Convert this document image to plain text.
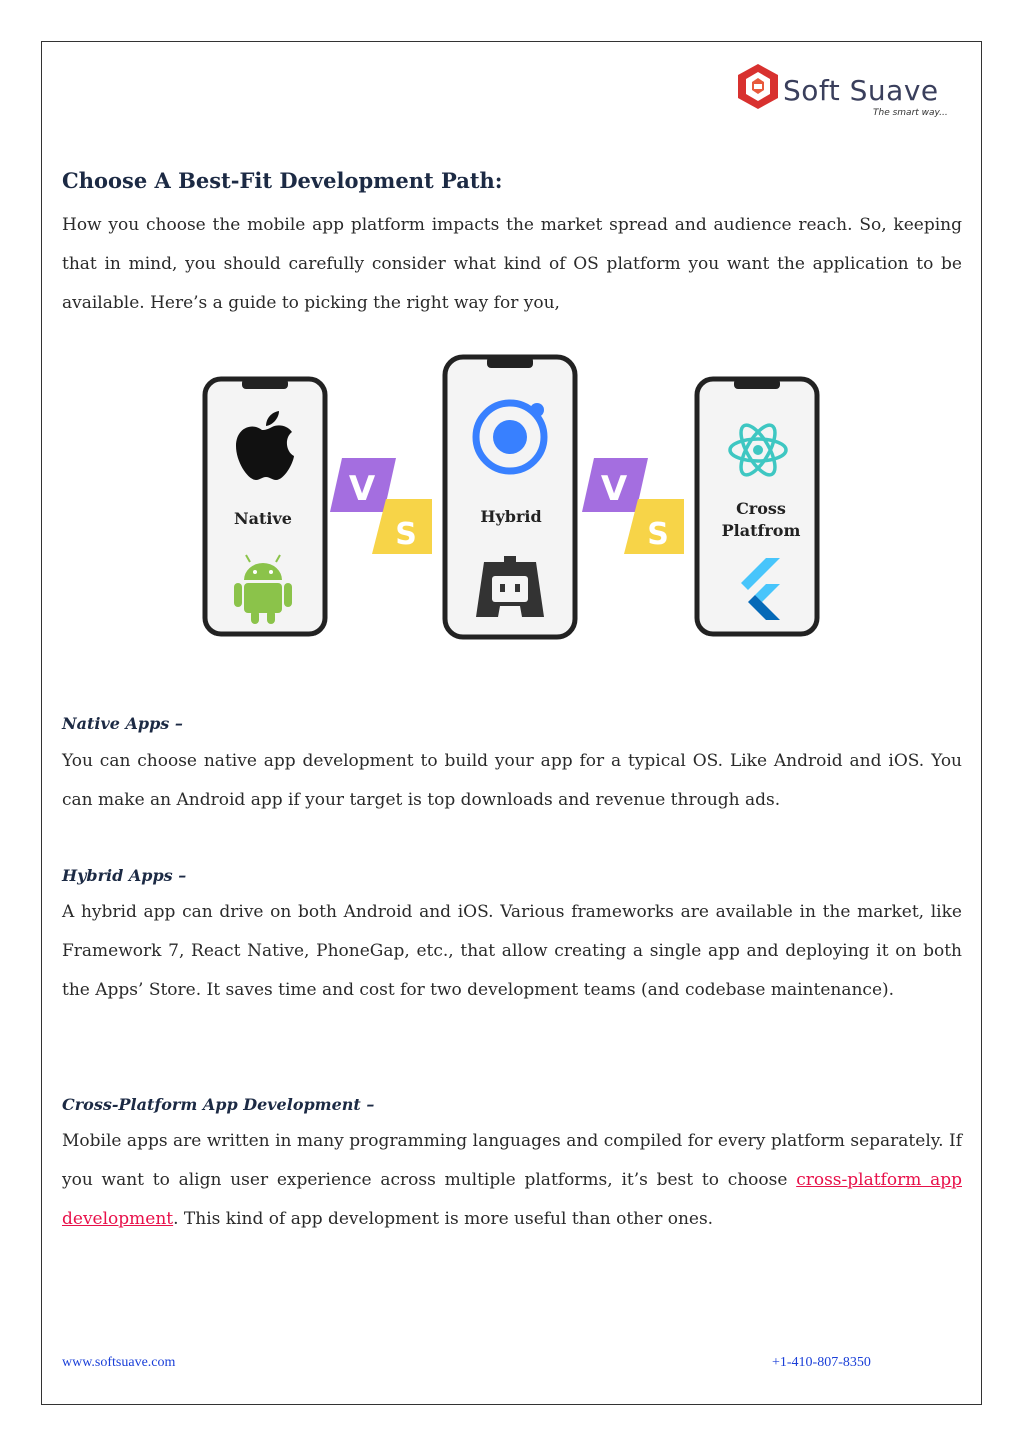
Soft Suave
The smart way...
Choose A Best-Fit Development Path:

How you choose the mobile app platform impacts the market spread and audience reach. So, keeping that in mind, you should carefully consider what kind of OS platform you want the application to be available. Here’s a guide to picking the right way for you,

Native
V
S
Hybrid
V
S
Cross
Platfrom
Native Apps –

You can choose native app development to build your app for a typical OS. Like Android and iOS. You can make an Android app if your target is top downloads and revenue through ads.

Hybrid Apps –

A hybrid app can drive on both Android and iOS. Various frameworks are available in the market, like Framework 7, React Native, PhoneGap, etc., that allow creating a single app and deploying it on both the Apps’ Store. It saves time and cost for two development teams (and codebase maintenance).

Cross-Platform App Development –

Mobile apps are written in many programming languages and compiled for every platform separately. If you want to align user experience across multiple platforms, it’s best to choose cross-platform app development. This kind of app development is more useful than other ones.

www.softsuave.com	+1-410-807-8350
